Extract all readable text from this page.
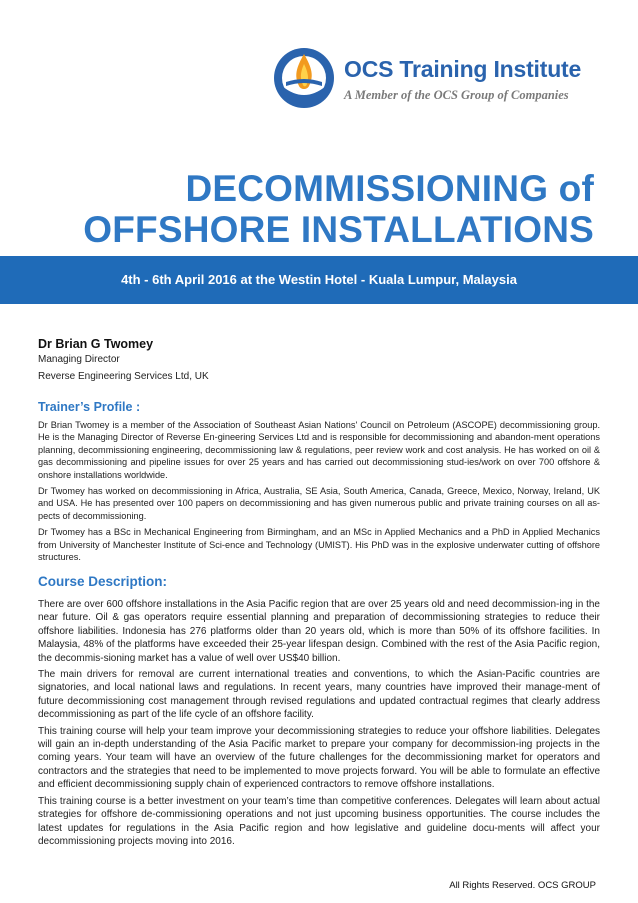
OCS Training Institute
A Member of the OCS Group of Companies
DECOMMISSIONING of
OFFSHORE INSTALLATIONS
4th - 6th April 2016 at the Westin Hotel - Kuala Lumpur, Malaysia
Dr Brian G Twomey
Managing Director
Reverse Engineering Services Ltd, UK
Trainer’s Profile :

Dr Brian Twomey is a member of the Association of Southeast Asian Nations' Council on Petroleum (ASCOPE) decommissioning group. He is the Managing Director of Reverse En-gineering Services Ltd and is responsible for decommissioning and abandon-ment operations planning, decommissioning engineering, decommissioning law & regulations, peer review work and cost analysis. He has worked on oil & gas decommissioning and pipeline issues for over 25 years and has carried out decommissioning stud-ies/work on over 700 offshore & onshore installations worldwide.

Dr Twomey has worked on decommissioning in Africa, Australia, SE Asia, South America, Canada, Greece, Mexico, Norway, Ireland, UK and USA. He has presented over 100 papers on decommissioning and has given numerous public and private training courses on all as-pects of decommissioning.

Dr Twomey has a BSc in Mechanical Engineering from Birmingham, and an MSc in Applied Mechanics and a PhD in Applied Mechanics from University of Manchester Institute of Sci-ence and Technology (UMIST). His PhD was in the explosive underwater cutting of offshore structures.

Course Description:

There are over 600 offshore installations in the Asia Pacific region that are over 25 years old and need decommission-ing in the near future. Oil & gas operators require essential planning and preparation of decommissioning strategies to reduce their offshore liabilities. Indonesia has 276 platforms older than 20 years old, which is more than 50% of its offshore facilities. In Malaysia, 48% of the platforms have exceeded their 25-year lifespan design. Combined with the rest of the Asia Pacific region, the decommis-sioning market has a value of well over US$40 billion.

The main drivers for removal are current international treaties and conventions, to which the Asian-Pacific countries are signatories, and local national laws and regulations. In recent years, many countries have improved their manage-ment of future decommissioning cost management through revised regulations and updated contractual regimes that clearly address decommissioning as part of the life cycle of an offshore facility.

This training course will help your team improve your decommissioning strategies to reduce your offshore liabilities. Delegates will gain an in-depth understanding of the Asia Pacific market to prepare your company for decommission-ing projects in the coming years. Your team will have an overview of the future challenges for the decommissioning market for operators and contractors and the strategies that need to be implemented to move projects forward. You will be able to formulate an effective and efficient decommissioning supply chain of experienced contractors to remove offshore installations.

This training course is a better investment on your team’s time than competitive conferences. Delegates will learn about actual strategies for offshore de-commissioning operations and not just upcoming business opportunities. The course includes the latest updates for regulations in the Asia Pacific region and how legislative and guideline docu-ments will affect your decommissioning projects moving into 2016.

All Rights Reserved. OCS GROUP
